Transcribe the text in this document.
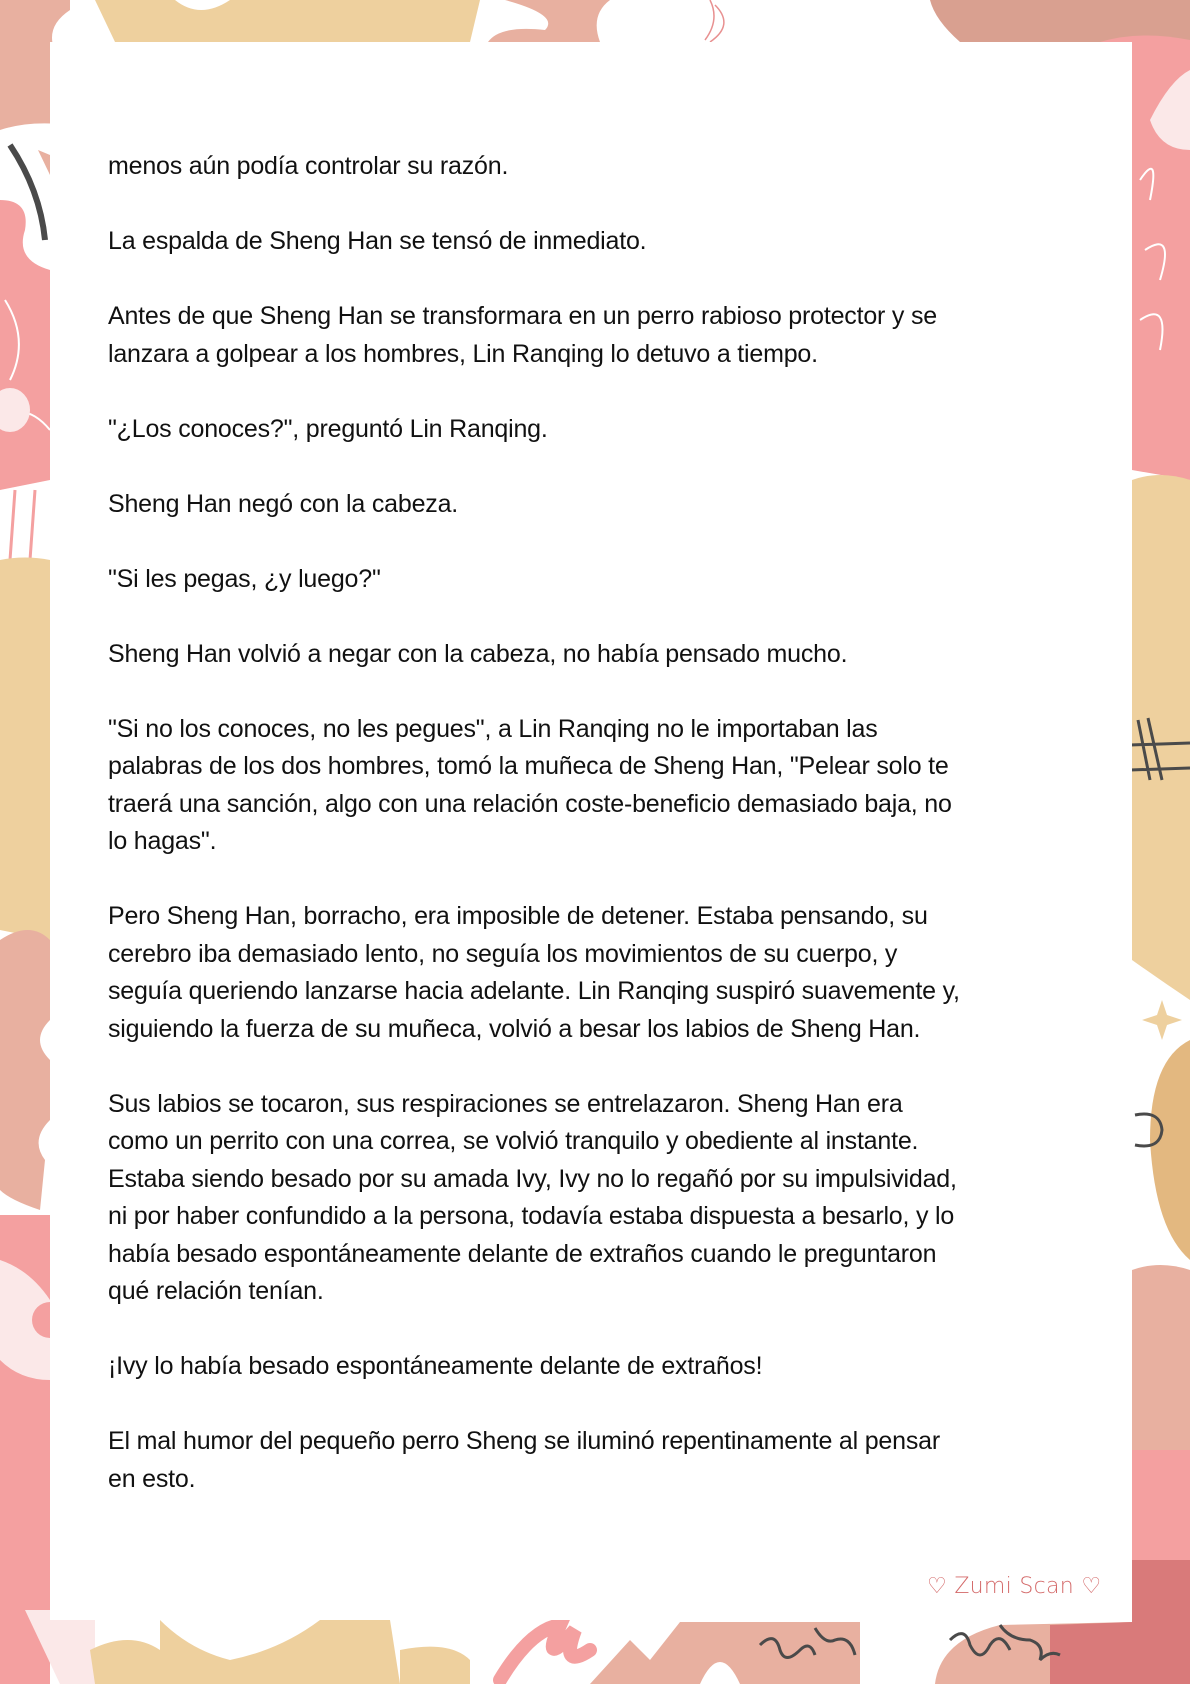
menos aún podía controlar su razón.

La espalda de Sheng Han se tensó de inmediato.

Antes de que Sheng Han se transformara en un perro rabioso protector y se
lanzara a golpear a los hombres, Lin Ranqing lo detuvo a tiempo.

"¿Los conoces?", preguntó Lin Ranqing.

Sheng Han negó con la cabeza.

"Si les pegas, ¿y luego?"

Sheng Han volvió a negar con la cabeza, no había pensado mucho.

"Si no los conoces, no les pegues", a Lin Ranqing no le importaban las
palabras de los dos hombres, tomó la muñeca de Sheng Han, "Pelear solo te
traerá una sanción, algo con una relación coste-beneficio demasiado baja, no
lo hagas".

Pero Sheng Han, borracho, era imposible de detener. Estaba pensando, su
cerebro iba demasiado lento, no seguía los movimientos de su cuerpo, y
seguía queriendo lanzarse hacia adelante. Lin Ranqing suspiró suavemente y,
siguiendo la fuerza de su muñeca, volvió a besar los labios de Sheng Han.

Sus labios se tocaron, sus respiraciones se entrelazaron. Sheng Han era
como un perrito con una correa, se volvió tranquilo y obediente al instante.
Estaba siendo besado por su amada Ivy, Ivy no lo regañó por su impulsividad,
ni por haber confundido a la persona, todavía estaba dispuesta a besarlo, y lo
había besado espontáneamente delante de extraños cuando le preguntaron
qué relación tenían.

¡Ivy lo había besado espontáneamente delante de extraños!

El mal humor del pequeño perro Sheng se iluminó repentinamente al pensar
en esto.

♡ Zumi Scan ♡
